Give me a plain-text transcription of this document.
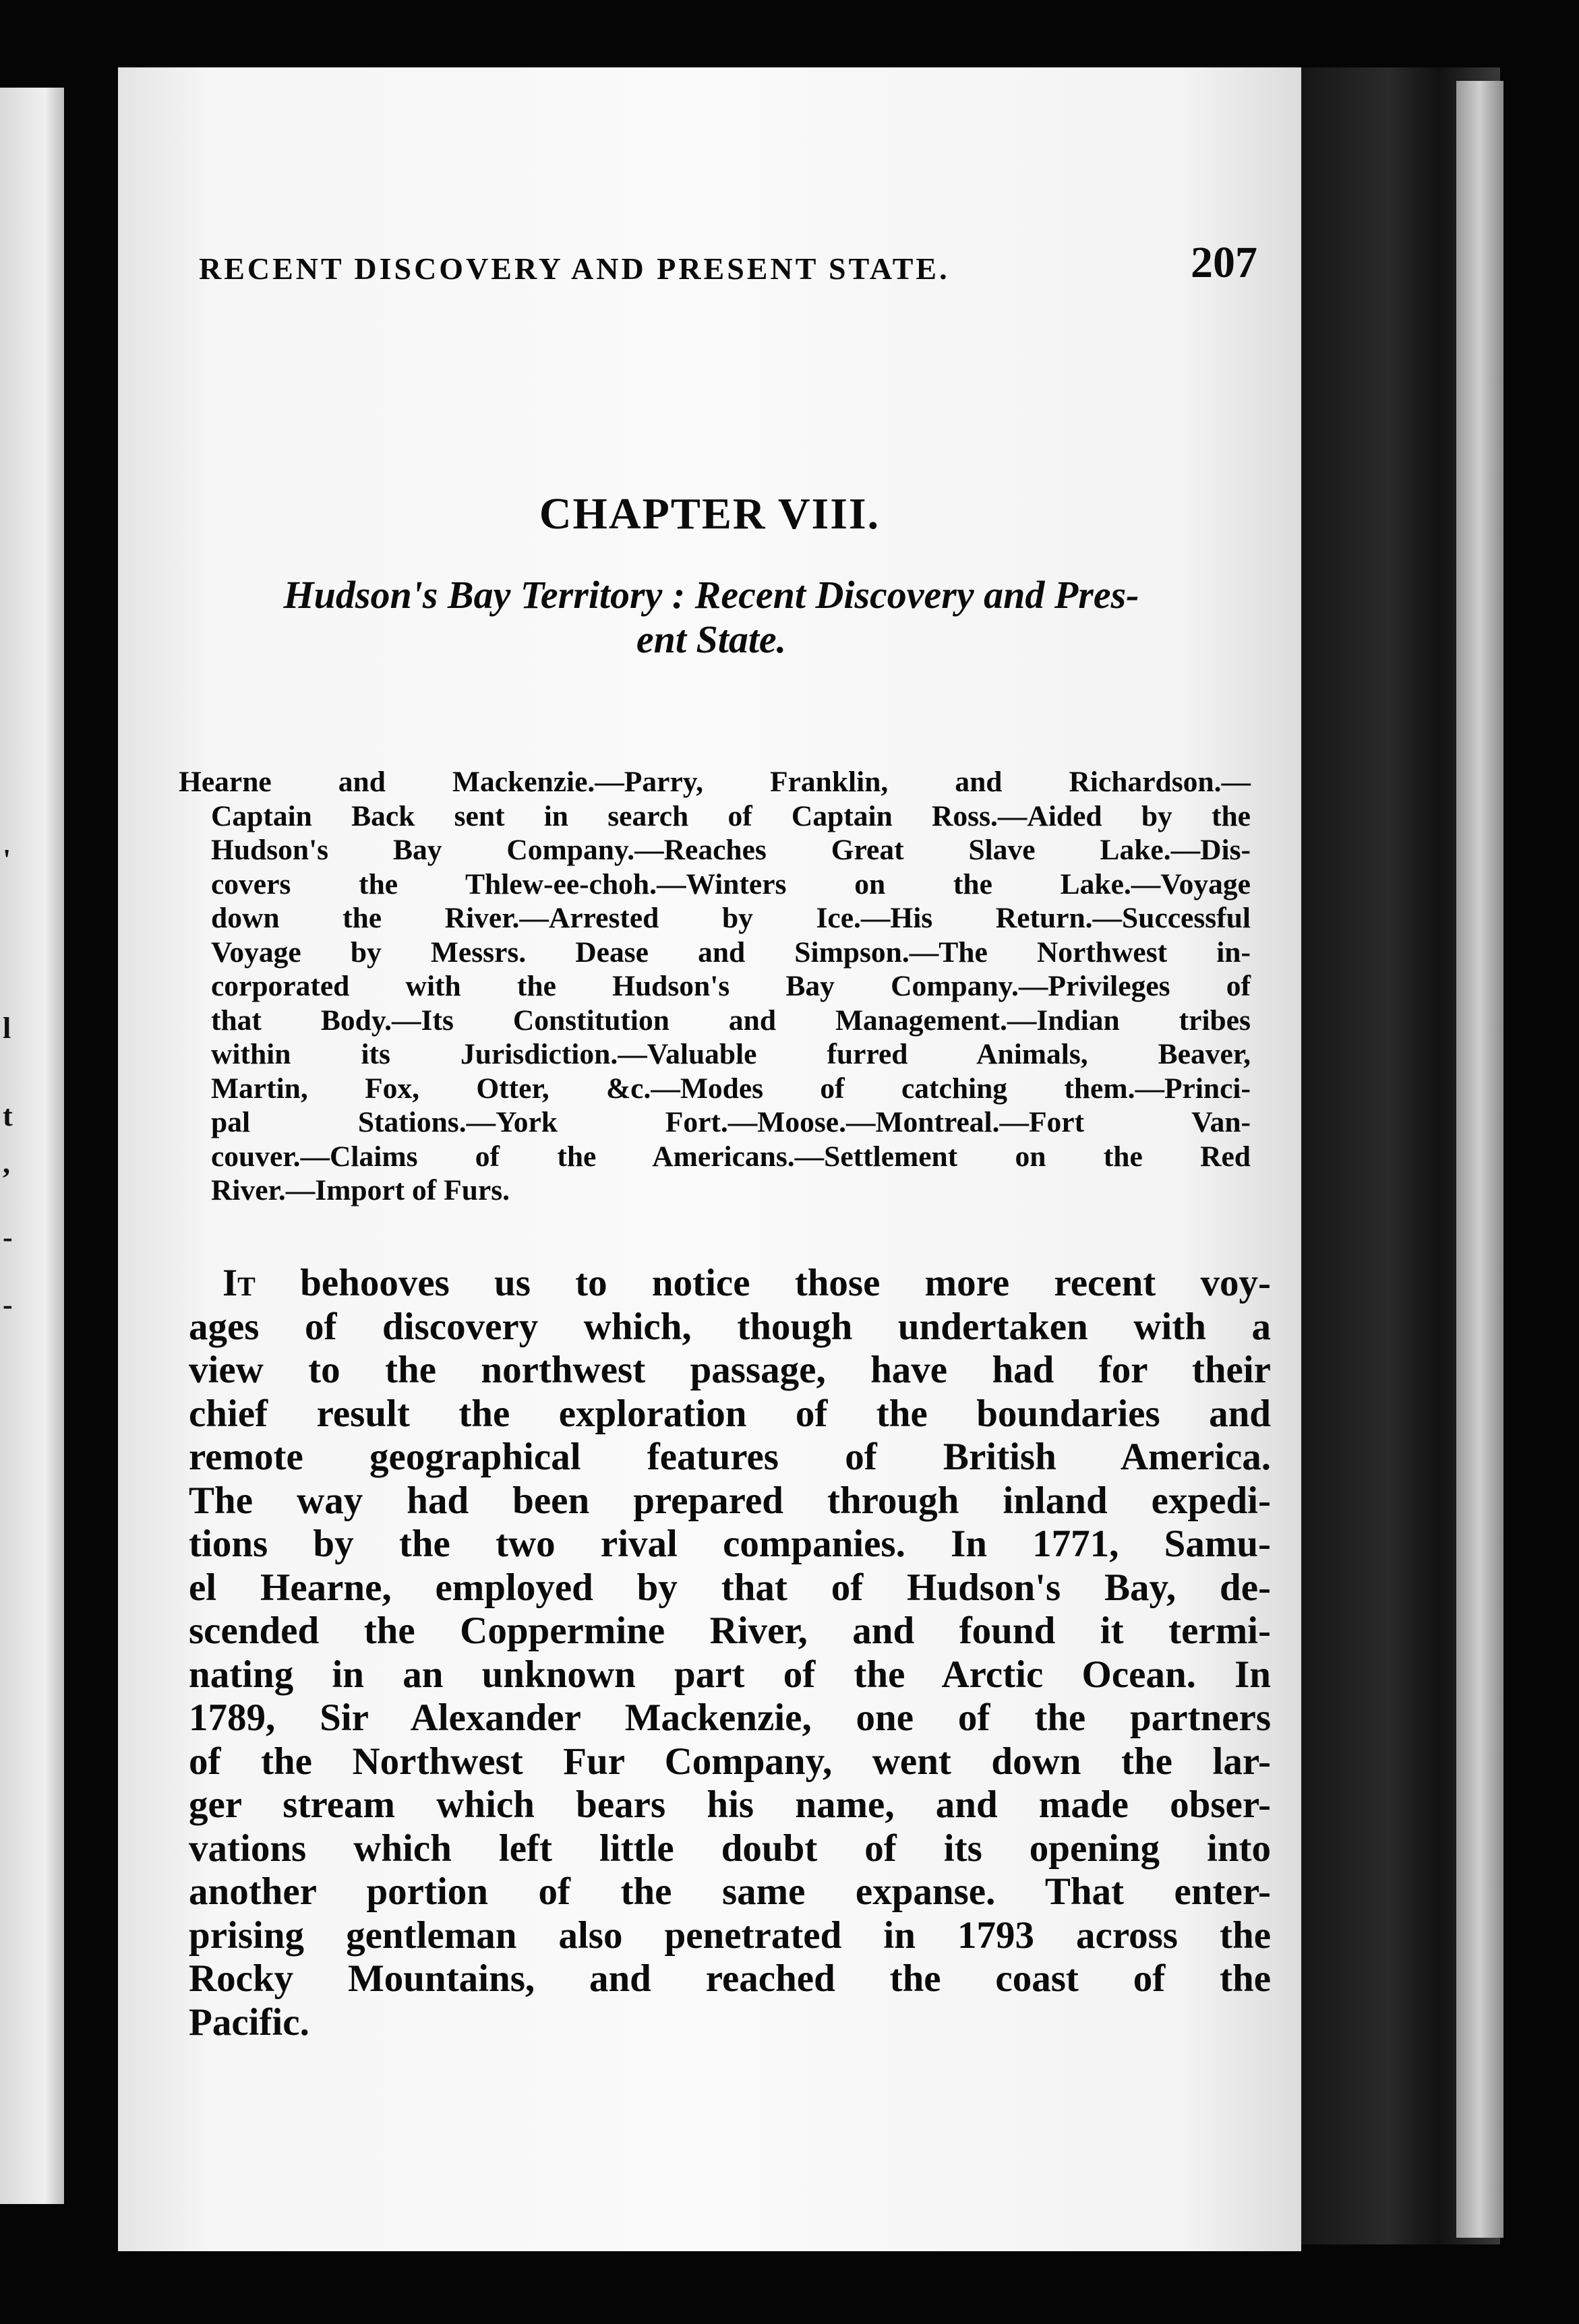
'
l
t
,
-
-
RECENT DISCOVERY AND PRESENT STATE.	207
CHAPTER VIII.
Hudson's Bay Territory : Recent Discovery and Pres-
ent State.
Hearne and Mackenzie.—Parry, Franklin, and Richardson.—
Captain Back sent in search of Captain Ross.—Aided by the
Hudson's Bay Company.—Reaches Great Slave Lake.—Dis-
covers the Thlew-ee-choh.—Winters on the Lake.—Voyage
down the River.—Arrested by Ice.—His Return.—Successful
Voyage by Messrs. Dease and Simpson.—The Northwest in-
corporated with the Hudson's Bay Company.—Privileges of
that Body.—Its Constitution and Management.—Indian tribes
within its Jurisdiction.—Valuable furred Animals, Beaver,
Martin, Fox, Otter, &c.—Modes of catching them.—Princi-
pal Stations.—York Fort.—Moose.—Montreal.—Fort Van-
couver.—Claims of the Americans.—Settlement on the Red
River.—Import of Furs.
It behooves us to notice those more recent voy-
ages of discovery which, though undertaken with a
view to the northwest passage, have had for their
chief result the exploration of the boundaries and
remote geographical features of British America.
The way had been prepared through inland expedi-
tions by the two rival companies. In 1771, Samu-
el Hearne, employed by that of Hudson's Bay, de-
scended the Coppermine River, and found it termi-
nating in an unknown part of the Arctic Ocean. In
1789, Sir Alexander Mackenzie, one of the partners
of the Northwest Fur Company, went down the lar-
ger stream which bears his name, and made obser-
vations which left little doubt of its opening into
another portion of the same expanse. That enter-
prising gentleman also penetrated in 1793 across the
Rocky Mountains, and reached the coast of the
Pacific.
